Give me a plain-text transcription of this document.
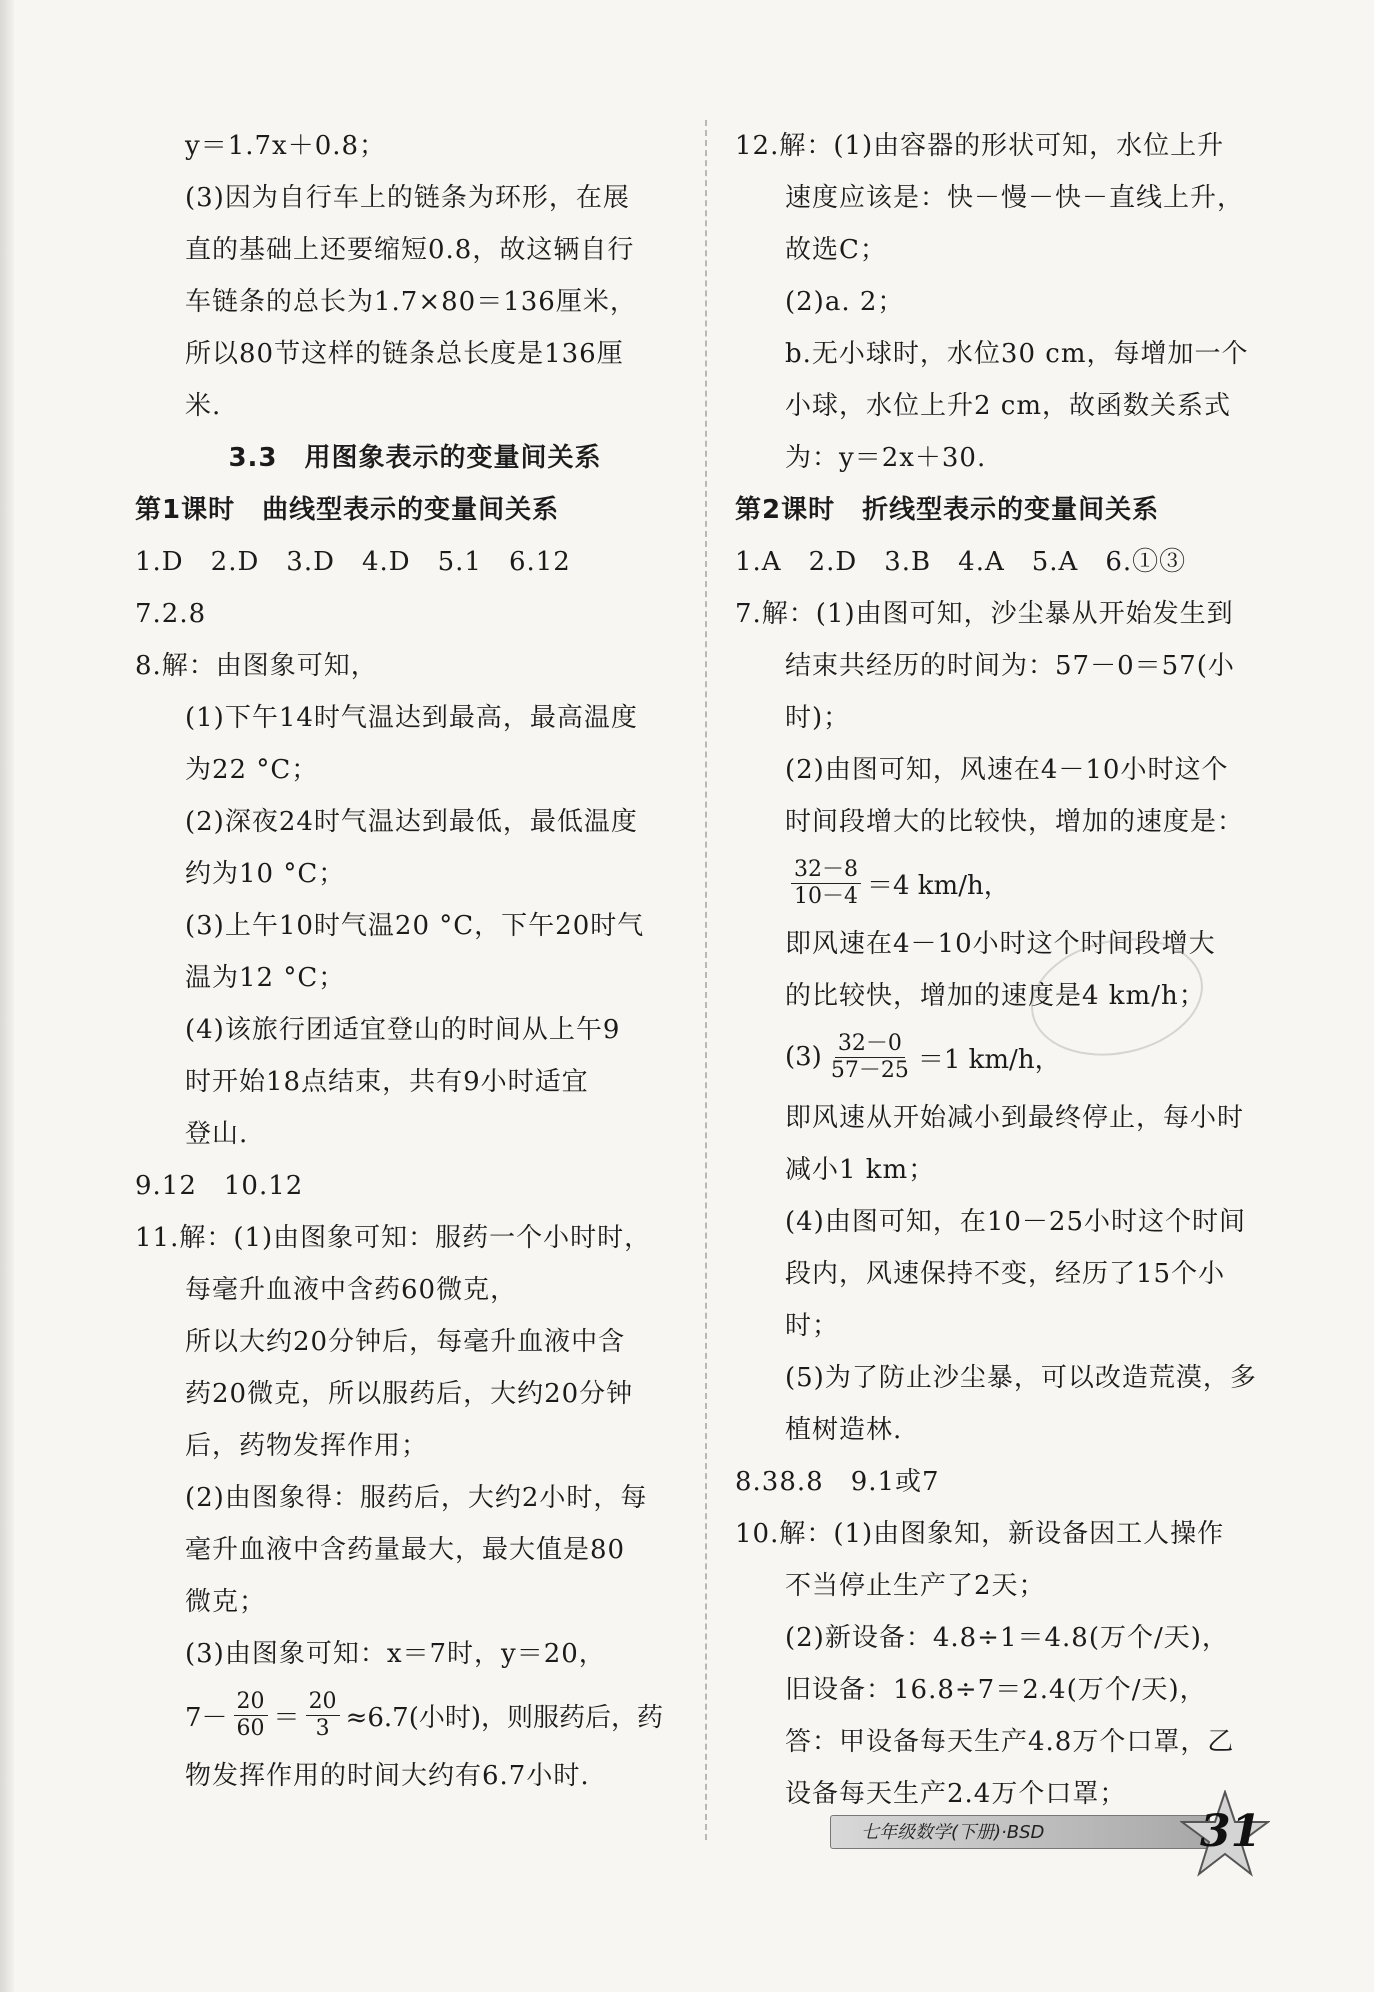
y＝1.7x＋0.8；
(3)因为自行车上的链条为环形，在展
直的基础上还要缩短0.8，故这辆自行
车链条的总长为1.7×80＝136厘米，
所以80节这样的链条总长度是136厘
米.
3.3　用图象表示的变量间关系
第1课时　曲线型表示的变量间关系
1.D　2.D　3.D　4.D　5.1　6.12
7.2.8
8.解：由图象可知，
(1)下午14时气温达到最高，最高温度
为22 °C；
(2)深夜24时气温达到最低，最低温度
约为10 °C；
(3)上午10时气温20 °C，下午20时气
温为12 °C；
(4)该旅行团适宜登山的时间从上午9
时开始18点结束，共有9小时适宜
登山.
9.12　10.12
11.解：(1)由图象可知：服药一个小时时，
每毫升血液中含药60微克，
所以大约20分钟后，每毫升血液中含
药20微克，所以服药后，大约20分钟
后，药物发挥作用；
(2)由图象得：服药后，大约2小时，每
毫升血液中含药量最大，最大值是80
微克；
(3)由图象可知：x＝7时，y＝20，
$7- \frac{20}{60} = \frac{20}{3} \approx 6.7$(小时)，则服药后，药
物发挥作用的时间大约有6.7小时.
12.解：(1)由容器的形状可知，水位上升
速度应该是：快－慢－快－直线上升，
故选C；
(2)a. 2；
b.无小球时，水位30 cm，每增加一个
小球，水位上升2 cm，故函数关系式
为：y＝2x＋30.
第2课时　折线型表示的变量间关系
1.A　2.D　3.B　4.A　5.A　6.①③
7.解：(1)由图可知，沙尘暴从开始发生到
结束共经历的时间为：57－0＝57(小
时)；
(2)由图可知，风速在4－10小时这个
时间段增大的比较快，增加的速度是：
$\frac{32-8}{10-4} =4$ km/h，
即风速在4－10小时这个时间段增大
的比较快，增加的速度是4 km/h；
$(3) \frac{32-0}{57-25} =1$ km/h，
即风速从开始减小到最终停止，每小时
减小1 km；
(4)由图可知，在10－25小时这个时间
段内，风速保持不变，经历了15个小
时；
(5)为了防止沙尘暴，可以改造荒漠，多
植树造林.
8.38.8　9.1或7
10.解：(1)由图象知，新设备因工人操作
不当停止生产了2天；
(2)新设备：4.8÷1＝4.8(万个/天)，
旧设备：16.8÷7＝2.4(万个/天)，
答：甲设备每天生产4.8万个口罩，乙
设备每天生产2.4万个口罩；
七年级数学(下册)·BSD	31
